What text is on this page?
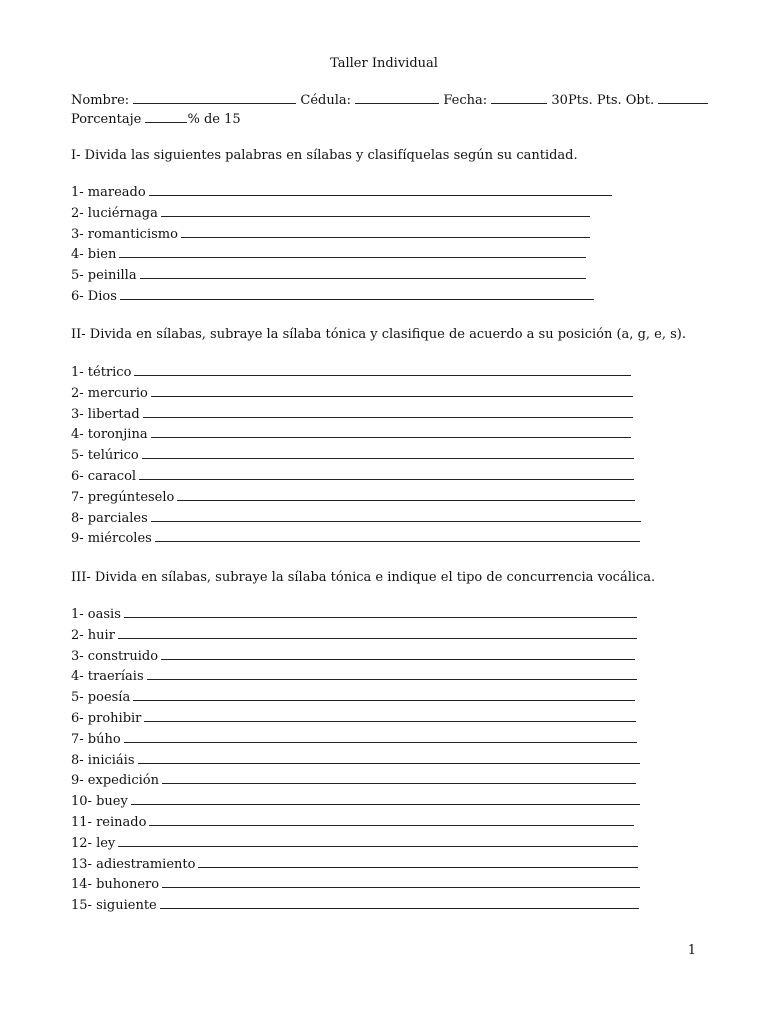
Taller Individual
Nombre:	Cédula:	Fecha:	30Pts. Pts. Obt.
Porcentaje	% de 15
I- Divida las siguientes palabras en sílabas y clasifíquelas según su cantidad.
1- mareado
2- luciérnaga
3- romanticismo
4- bien
5- peinilla
6- Dios
II- Divida en sílabas, subraye la sílaba tónica y clasifique de acuerdo a su posición (a, g, e, s).
1- tétrico
2- mercurio
3- libertad
4- toronjina
5- telúrico
6- caracol
7- pregúnteselo
8- parciales
9- miércoles
III- Divida en sílabas, subraye la sílaba tónica e indique el tipo de concurrencia vocálica.
1- oasis
2- huir
3- construido
4- traeríais
5- poesía
6- prohibir
7- búho
8- iniciáis
9- expedición
10- buey
11- reinado
12- ley
13- adiestramiento
14- buhonero
15- siguiente
1
